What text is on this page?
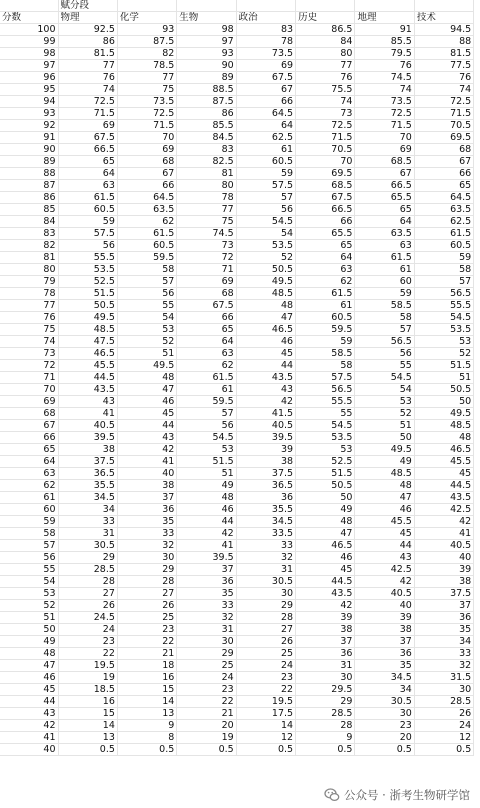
	赋分段						
分数	物理	化学	生物	政治	历史	地理	技术
100	92.5	93	98	83	86.5	91	94.5
99	86	87.5	97	78	84	85.5	88
98	81.5	82	93	73.5	80	79.5	81.5
97	77	78.5	90	69	77	76	77.5
96	76	77	89	67.5	76	74.5	76
95	74	75	88.5	67	75.5	74	74
94	72.5	73.5	87.5	66	74	73.5	72.5
93	71.5	72.5	86	64.5	73	72.5	71.5
92	69	71.5	85.5	64	72.5	71.5	70.5
91	67.5	70	84.5	62.5	71.5	70	69.5
90	66.5	69	83	61	70.5	69	68
89	65	68	82.5	60.5	70	68.5	67
88	64	67	81	59	69.5	67	66
87	63	66	80	57.5	68.5	66.5	65
86	61.5	64.5	78	57	67.5	65.5	64.5
85	60.5	63.5	77	56	66.5	65	63.5
84	59	62	75	54.5	66	64	62.5
83	57.5	61.5	74.5	54	65.5	63.5	61.5
82	56	60.5	73	53.5	65	63	60.5
81	55.5	59.5	72	52	64	61.5	59
80	53.5	58	71	50.5	63	61	58
79	52.5	57	69	49.5	62	60	57
78	51.5	56	68	48.5	61.5	59	56.5
77	50.5	55	67.5	48	61	58.5	55.5
76	49.5	54	66	47	60.5	58	54.5
75	48.5	53	65	46.5	59.5	57	53.5
74	47.5	52	64	46	59	56.5	53
73	46.5	51	63	45	58.5	56	52
72	45.5	49.5	62	44	58	55	51.5
71	44.5	48	61.5	43.5	57.5	54.5	51
70	43.5	47	61	43	56.5	54	50.5
69	43	46	59.5	42	55.5	53	50
68	41	45	57	41.5	55	52	49.5
67	40.5	44	56	40.5	54.5	51	48.5
66	39.5	43	54.5	39.5	53.5	50	48
65	38	42	53	39	53	49.5	46.5
64	37.5	41	51.5	38	52.5	49	45.5
63	36.5	40	51	37.5	51.5	48.5	45
62	35.5	38	49	36.5	50.5	48	44.5
61	34.5	37	48	36	50	47	43.5
60	34	36	46	35.5	49	46	42.5
59	33	35	44	34.5	48	45.5	42
58	31	33	42	33.5	47	45	41
57	30.5	32	41	33	46.5	44	40.5
56	29	30	39.5	32	46	43	40
55	28.5	29	37	31	45	42.5	39
54	28	28	36	30.5	44.5	42	38
53	27	27	35	30	43.5	40.5	37.5
52	26	26	33	29	42	40	37
51	24.5	25	32	28	39	39	36
50	24	23	31	27	38	38	35
49	23	22	30	26	37	37	34
48	22	21	29	25	36	36	33
47	19.5	18	25	24	31	35	32
46	19	16	24	23	30	34.5	31.5
45	18.5	15	23	22	29.5	34	30
44	16	14	22	19.5	29	30.5	28.5
43	15	13	21	17.5	28.5	30	26
42	14	9	20	14	28	23	24
41	13	8	19	12	9	20	12
40	0.5	0.5	0.5	0.5	0.5	0.5	0.5
公众号 · 浙考生物研学馆
